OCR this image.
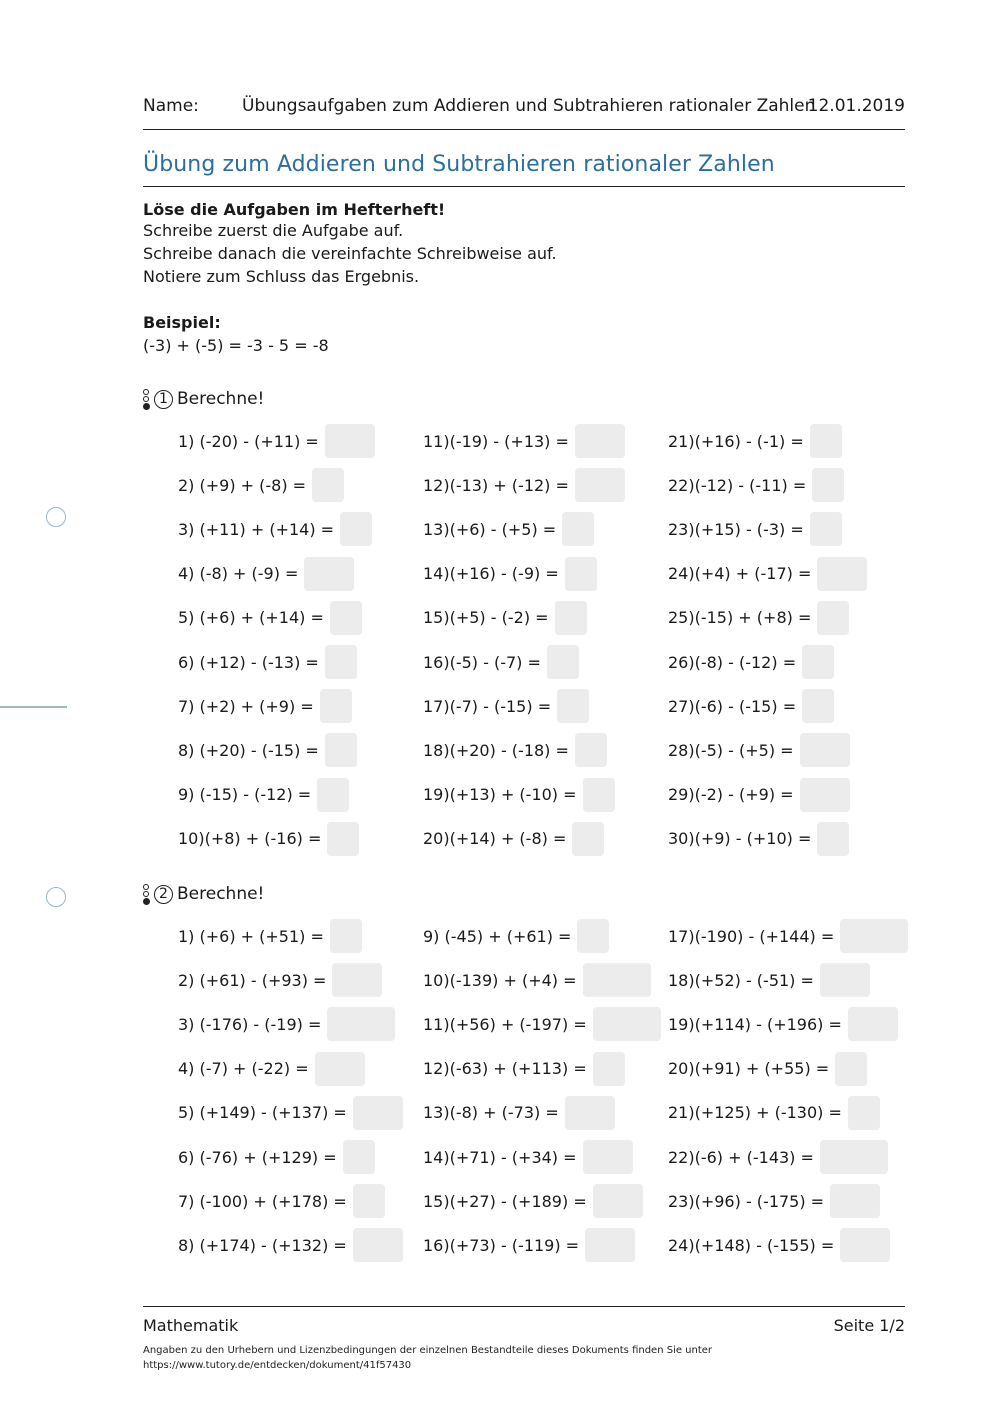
Name:	Übungsaufgaben zum Addieren und Subtrahieren rationaler Zahlen
12.01.2019
Übung zum Addieren und Subtrahieren rationaler Zahlen
Löse die Aufgaben im Hefterheft!
Schreibe zuerst die Aufgabe auf.
Schreibe danach die vereinfachte Schreibweise auf.
Notiere zum Schluss das Ergebnis.
Beispiel:
(-3) + (-5) = -3 - 5 = -8
1 Berechne!
2 Berechne!
1) (-20) - (+11) =
2) (+9) + (-8) =
3) (+11) + (+14) =
4) (-8) + (-9) =
5) (+6) + (+14) =
6) (+12) - (-13) =
7) (+2) + (+9) =
8) (+20) - (-15) =
9) (-15) - (-12) =
10)(+8) + (-16) =
11)(-19) - (+13) =
12)(-13) + (-12) =
13)(+6) - (+5) =
14)(+16) - (-9) =
15)(+5) - (-2) =
16)(-5) - (-7) =
17)(-7) - (-15) =
18)(+20) - (-18) =
19)(+13) + (-10) =
20)(+14) + (-8) =
21)(+16) - (-1) =
22)(-12) - (-11) =
23)(+15) - (-3) =
24)(+4) + (-17) =
25)(-15) + (+8) =
26)(-8) - (-12) =
27)(-6) - (-15) =
28)(-5) - (+5) =
29)(-2) - (+9) =
30)(+9) - (+10) =
1) (+6) + (+51) =
2) (+61) - (+93) =
3) (-176) - (-19) =
4) (-7) + (-22) =
5) (+149) - (+137) =
6) (-76) + (+129) =
7) (-100) + (+178) =
8) (+174) - (+132) =
9) (-45) + (+61) =
10)(-139) + (+4) =
11)(+56) + (-197) =
12)(-63) + (+113) =
13)(-8) + (-73) =
14)(+71) - (+34) =
15)(+27) - (+189) =
16)(+73) - (-119) =
17)(-190) - (+144) =
18)(+52) - (-51) =
19)(+114) - (+196) =
20)(+91) + (+55) =
21)(+125) + (-130) =
22)(-6) + (-143) =
23)(+96) - (-175) =
24)(+148) - (-155) =
Mathematik	Seite 1/2
Angaben zu den Urhebern und Lizenzbedingungen der einzelnen Bestandteile dieses Dokuments finden Sie unter
https://www.tutory.de/entdecken/dokument/41f57430
